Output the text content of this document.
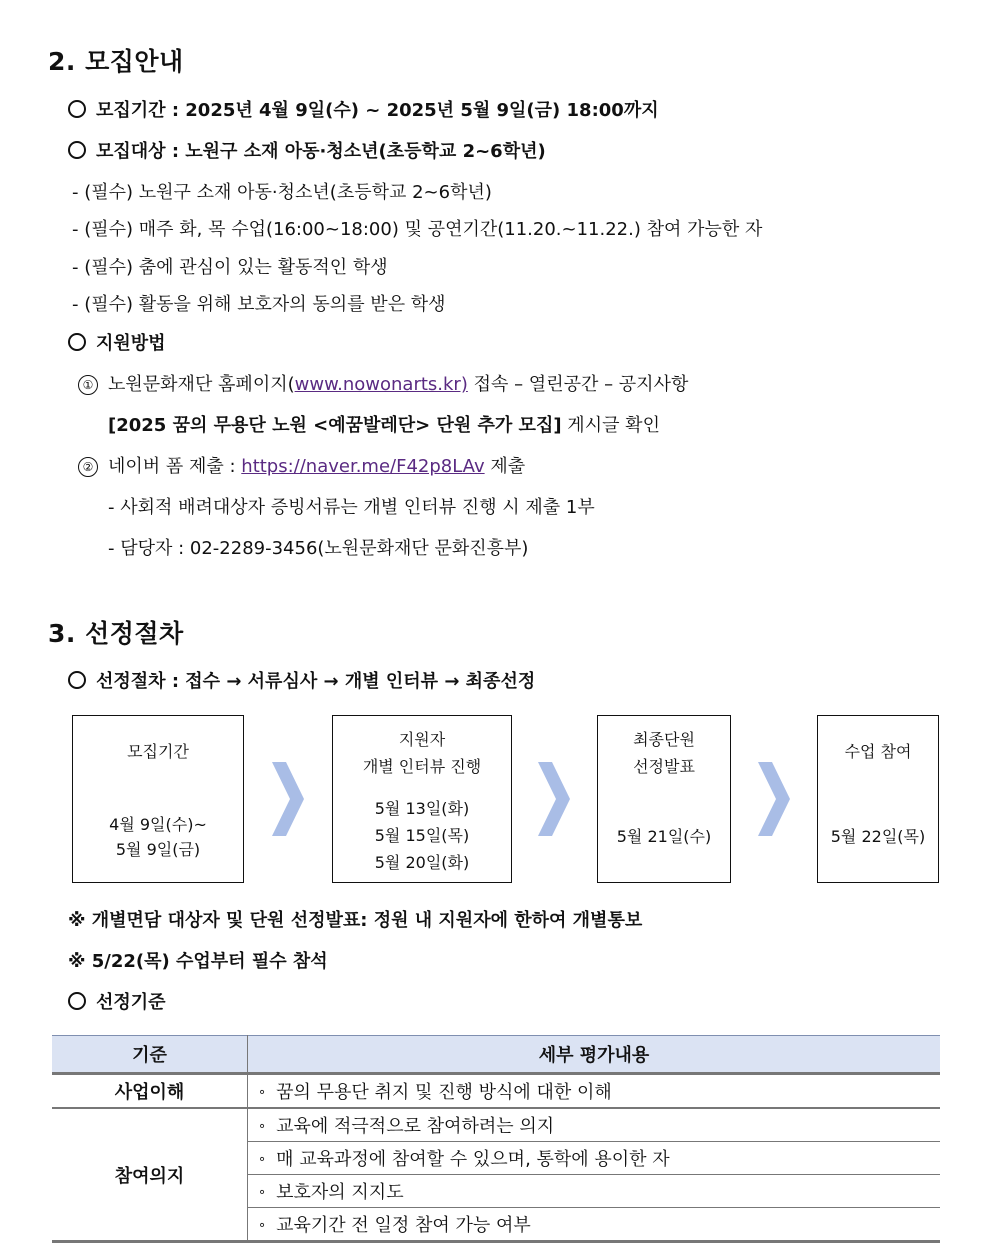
2. 모집안내
모집기간 : 2025년 4월 9일(수) ~ 2025년 5월 9일(금) 18:00까지
모집대상 : 노원구 소재 아동·청소년(초등학교 2~6학년)
- (필수) 노원구 소재 아동·청소년(초등학교 2~6학년)
- (필수) 매주 화, 목 수업(16:00~18:00) 및 공연기간(11.20.~11.22.) 참여 가능한 자
- (필수) 춤에 관심이 있는 활동적인 학생
- (필수) 활동을 위해 보호자의 동의를 받은 학생
지원방법
① 노원문화재단 홈페이지(www.nowonarts.kr) 접속 – 열린공간 – 공지사항
[2025 꿈의 무용단 노원 <예꿈발레단> 단원 추가 모집] 게시글 확인
② 네이버 폼 제출 : https://naver.me/F42p8LAv 제출
- 사회적 배려대상자 증빙서류는 개별 인터뷰 진행 시 제출 1부
- 담당자 : 02-2289-3456(노원문화재단 문화진흥부)
3. 선정절차
선정절차 : 접수 → 서류심사 → 개별 인터뷰 → 최종선정
모집기간
4월 9일(수)~
5월 9일(금)
지원자
개별 인터뷰 진행
5월 13일(화)
5월 15일(목)
5월 20일(화)
최종단원
선정발표
5월 21일(수)
수업 참여
5월 22일(목)
※ 개별면담 대상자 및 단원 선정발표: 정원 내 지원자에 한하여 개별통보
※ 5/22(목) 수업부터 필수 참석
선정기준
기준	세부 평가내용
사업이해	∘ 꿈의 무용단 취지 및 진행 방식에 대한 이해
참여의지	∘ 교육에 적극적으로 참여하려는 의지
	∘ 매 교육과정에 참여할 수 있으며, 통학에 용이한 자
	∘ 보호자의 지지도
	∘ 교육기간 전 일정 참여 가능 여부
